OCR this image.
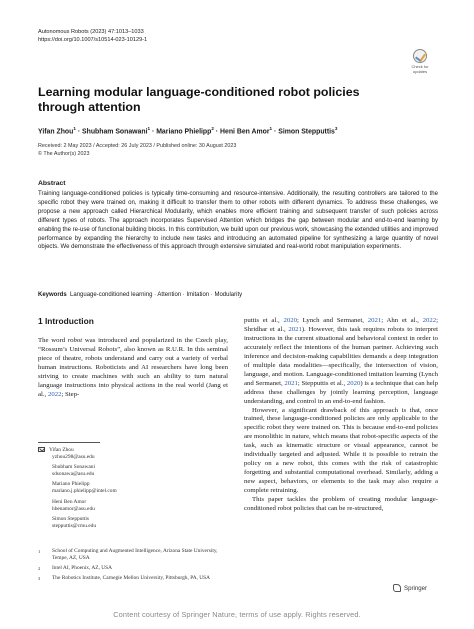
Autonomous Robots (2023) 47:1013–1033
https://doi.org/10.1007/s10514-023-10129-1
Check for updates
Learning modular language-conditioned robot policies through attention
Yifan Zhou$^1$ · Shubham Sonawani$^1$ · Mariano Phielipp$^2$ · Heni Ben Amor$^1$ · Simon Stepputtis$^3$
Received: 2 May 2023 / Accepted: 26 July 2023 / Published online: 30 August 2023
© The Author(s) 2023
Abstract

Training language-conditioned policies is typically time-consuming and resource-intensive. Additionally, the resulting controllers are tailored to the specific robot they were trained on, making it difficult to transfer them to other robots with different dynamics. To address these challenges, we propose a new approach called Hierarchical Modularity, which enables more efficient training and subsequent transfer of such policies across different types of robots. The approach incorporates Supervised Attention which bridges the gap between modular and end-to-end learning by enabling the re-use of functional building blocks. In this contribution, we build upon our previous work, showcasing the extended utilities and improved performance by expanding the hierarchy to include new tasks and introducing an automated pipeline for synthesizing a large quantity of novel objects. We demonstrate the effectiveness of this approach through extensive simulated and real-world robot manipulation experiments.

Keywords Language-conditioned learning · Attention · Imitation · Modularity
1 Introduction

The word robot was introduced and popularized in the Czech play, “Rossum’s Universal Robots”, also known as R.U.R. In this seminal piece of theatre, robots understand and carry out a variety of verbal human instructions. Roboticists and AI researchers have long been striving to create machines with such an ability to turn natural language instructions into physical actions in the real world (Jang et al., 2022; Step-

Yifan Zhou
yzhou298@asu.edu
Shubham Sonawani
sdsonawa@asu.edu
Mariano Phielipp
mariano.j.phielipp@intel.com
Heni Ben Amor
hbenamor@asu.edu
Simon Stepputtis
stepputtis@cmu.edu
1	School of Computing and Augmented Intelligence, Arizona State University, Tempe, AZ, USA
2	Intel AI, Phoenix, AZ, USA
3	The Robotics Institute, Carnegie Mellon University, Pittsburgh, PA, USA

puttis et al., 2020; Lynch and Sermanet, 2021; Ahn et al., 2022; Shridhar et al., 2021). However, this task requires robots to interpret instructions in the current situational and behavioral context in order to accurately reflect the intentions of the human partner. Achieving such inference and decision-making capabilities demands a deep integration of multiple data modalities—specifically, the intersection of vision, language, and motion. Language-conditioned imitation learning (Lynch and Sermanet, 2021; Stepputtis et al., 2020) is a technique that can help address these challenges by jointly learning perception, language understanding, and control in an end-to-end fashion.

However, a significant drawback of this approach is that, once trained, these language-conditioned policies are only applicable to the specific robot they were trained on. This is because end-to-end policies are monolithic in nature, which means that robot-specific aspects of the task, such as kinematic structure or visual appearance, cannot be individually targeted and adjusted. While it is possible to retrain the policy on a new robot, this comes with the risk of catastrophic forgetting and substantial computational overhead. Similarly, adding a new aspect, behaviors, or elements to the task may also require a complete retraining.

This paper tackles the problem of creating modular language-conditioned robot policies that can be re-structured,

Springer
Content courtesy of Springer Nature, terms of use apply. Rights reserved.
